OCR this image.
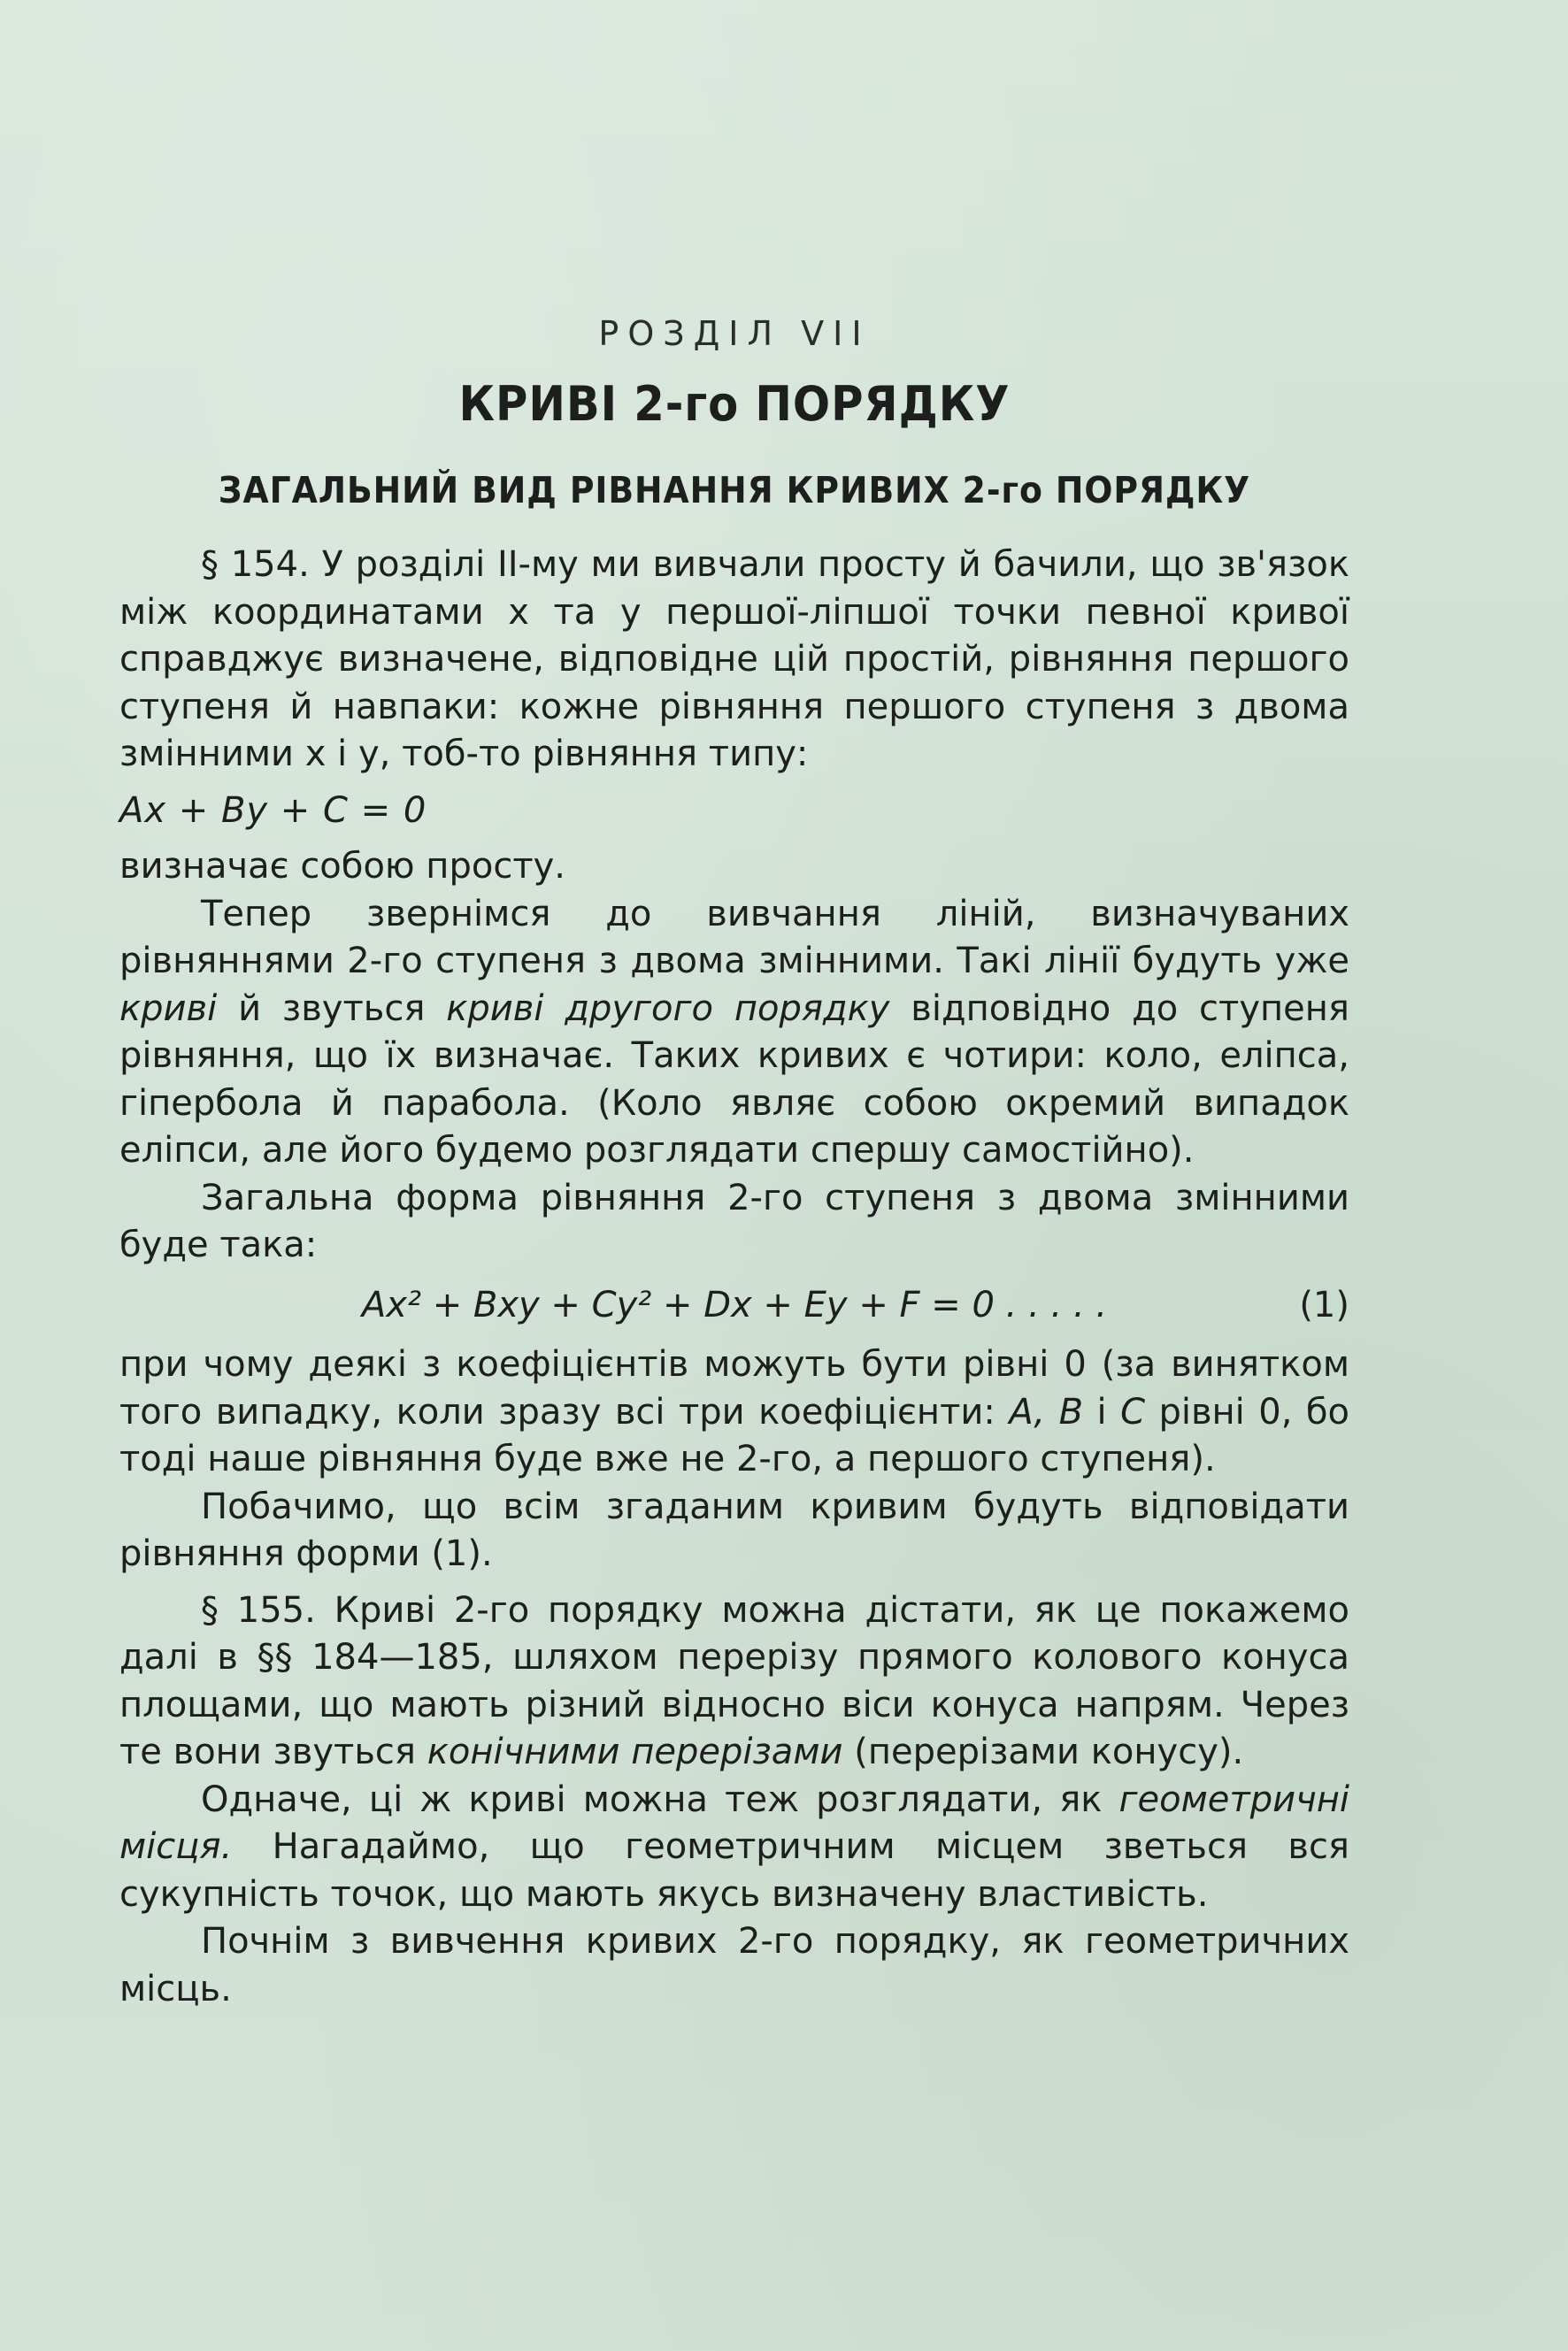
РОЗДІЛ VII
КРИВІ 2-го ПОРЯДКУ
ЗАГАЛЬНИЙ ВИД РІВНАННЯ КРИВИХ 2-го ПОРЯДКУ

§ 154. У розділі ІІ-му ми вивчали просту й бачили, що зв'язок між координатами x та y першої-ліпшої точки певної кривої справджує визначене, відповідне цій простій, рівняння першого ступеня й навпаки: кожне рівняння першого ступеня з двома змінними x і y, тоб-то рівняння типу:

Ax + By + C = 0

визначає собою просту.

Тепер звернімся до вивчання ліній, визначуваних рівняннями 2-го ступеня з двома змінними. Такі лінії будуть уже криві й звуться криві другого порядку відповідно до ступеня рівняння, що їх визначає. Таких кривих є чотири: коло, еліпса, гіпербола й парабола. (Коло являє собою окремий випадок еліпси, але його будемо розглядати спершу самостійно).

Загальна форма рівняння 2-го ступеня з двома змінними буде така:

Ax² + Bxy + Cy² + Dx + Ey + F = 0 . . . . .	(1)

при чому деякі з коефіцієнтів можуть бути рівні 0 (за винятком того випадку, коли зразу всі три коефіцієнти: A, B і C рівні 0, бо тоді наше рівняння буде вже не 2-го, а першого ступеня).

Побачимо, що всім згаданим кривим будуть відповідати рівняння форми (1).

§ 155. Криві 2-го порядку можна дістати, як це покажемо далі в §§ 184—185, шляхом перерізу прямого колового конуса площами, що мають різний відносно віси конуса напрям. Через те вони звуться конічними перерізами (перерізами конусу).

Одначе, ці ж криві можна теж розглядати, як геометричні місця. Нагадаймо, що геометричним місцем зветься вся сукупність точок, що мають якусь визначену властивість.

Почнім з вивчення кривих 2-го порядку, як геометричних місць.
